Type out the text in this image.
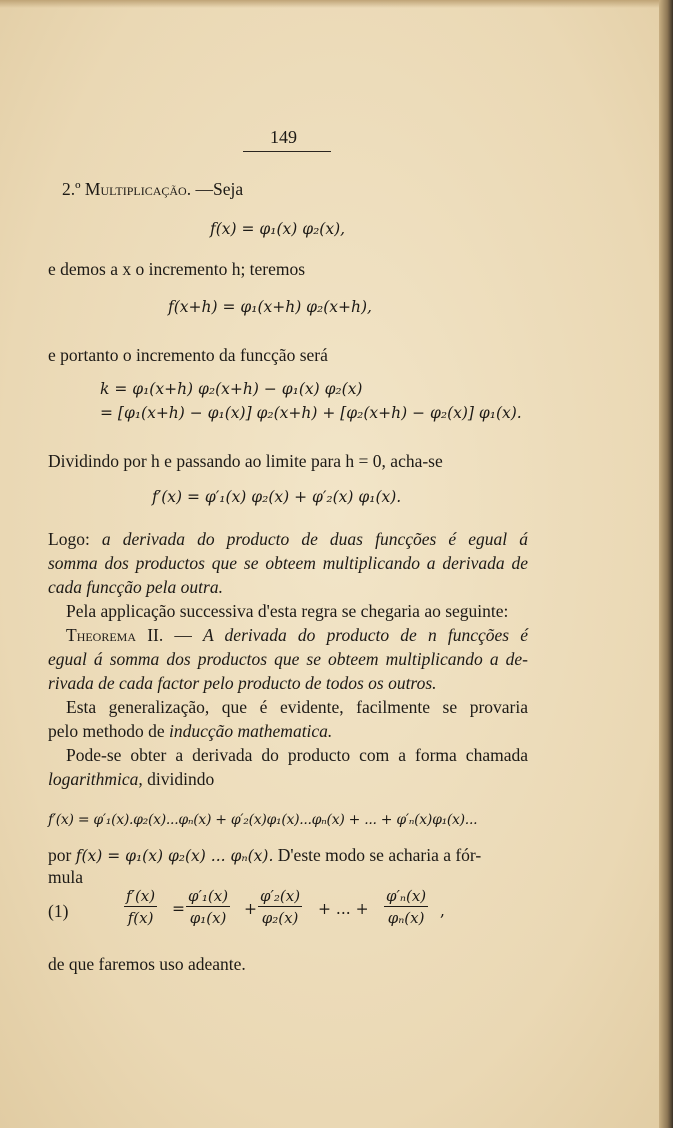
149
2.º Multiplicação. —Seja
f(x) = φ₁(x) φ₂(x),
e demos a x o incremento h; teremos
f(x+h) = φ₁(x+h) φ₂(x+h),
e portanto o incremento da funcção será
k = φ₁(x+h) φ₂(x+h) − φ₁(x) φ₂(x)
= [φ₁(x+h) − φ₁(x)] φ₂(x+h) + [φ₂(x+h) − φ₂(x)] φ₁(x).
Dividindo por h e passando ao limite para h = 0, acha-se
f′(x) = φ′₁(x) φ₂(x) + φ′₂(x) φ₁(x).
Logo: a derivada do producto de duas funcções é egual á
somma dos productos que se obteem multiplicando a derivada de
cada funcção pela outra.
Pela applicação successiva d'esta regra se chegaria ao seguinte:
Theorema II. — A derivada do producto de n funcções é
egual á somma dos productos que se obteem multiplicando a de-
rivada de cada factor pelo producto de todos os outros.
Esta generalização, que é evidente, facilmente se provaria
pelo methodo de inducção mathematica.
Pode-se obter a derivada do producto com a forma chamada
logarithmica, dividindo
f′(x) = φ′₁(x).φ₂(x)...φₙ(x) + φ′₂(x)φ₁(x)...φₙ(x) + ... + φ′ₙ(x)φ₁(x)...
por f(x) = φ₁(x) φ₂(x) ... φₙ(x). D'este modo se acharia a fór-
mula
(1)	$\frac{f'(x)}{f(x)} = \frac{\text{φ′₁(x)}}{\text{φ₁(x)}} + \frac{\text{φ′₂(x)}}{\text{φ₂(x)}}$ + ... + $\frac{\text{φ′ₙ(x)}}{\text{φₙ(x)}}$ ,
de que faremos uso adeante.
